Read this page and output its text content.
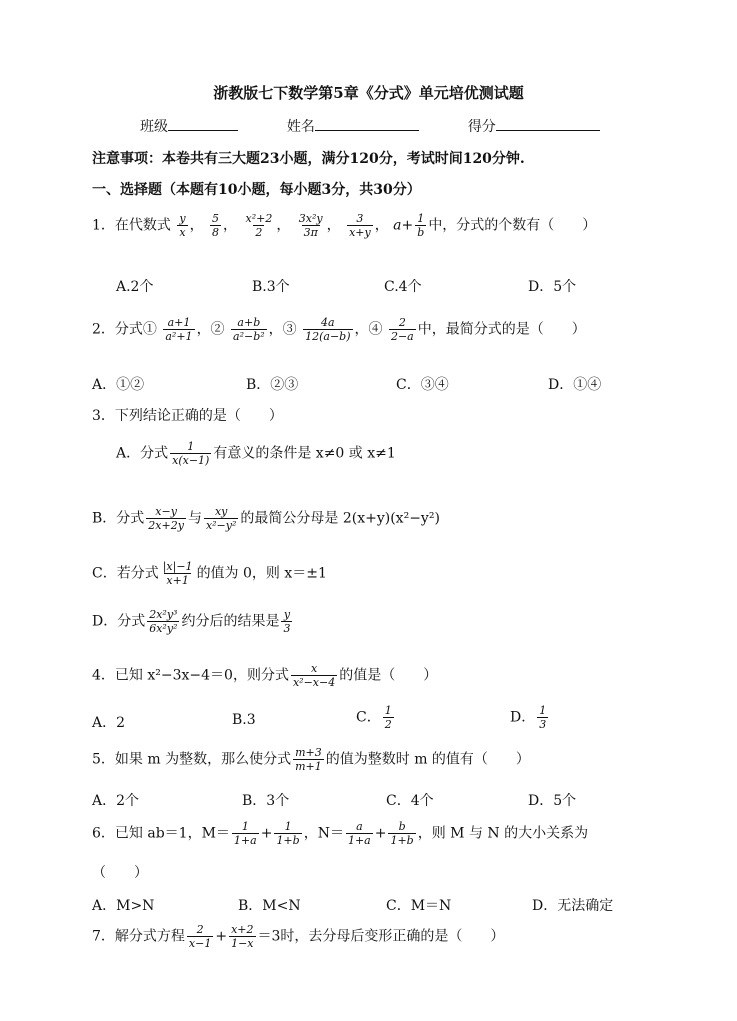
浙教版七下数学第5章《分式》单元培优测试题
班级	姓名	得分
注意事项：本卷共有三大题23小题，满分120分，考试时间120分钟.
一、选择题（本题有10小题，每小题3分，共30分）
1．在代数式 $\frac{y}{x}$ ， $\frac{5}{8}$ ， $\frac{\text{x²+2}}{2}$ ， $\frac{\text{3x²y}}{3\pi}$ ， $\frac{3}{x+y}$ ， $a+ \frac{1}{b}$ 中，分式的个数有（　　）
A.2个	B.3个	C.4个	D．5个
2．分式① $\frac{a+1}{\text{a²+1}}$ ，② $\frac{a+b}{\text{a²−b²}}$ ，③ $\frac{4a}{12(a-b)}$ ，④ $\frac{2}{2-a}$ 中，最简分式的是（　　）
A．①②	B．②③	C．③④	D．①④
3．下列结论正确的是（　　）
A．分式 $\frac{1}{x(x-1)}$ 有意义的条件是 x≠0 或 x≠1
B．分式 $\frac{x-y}{2x+2y}$ 与 $\frac{xy}{\text{x²−y²}}$ 的最简公分母是 2(x+y)(x²−y²)
C．若分式 $\frac{|x|-1}{x+1}$ 的值为 0，则 x＝±1
D．分式 $\frac{\text{2x²y³}}{\text{6x²y²}}$ 约分后的结果是 $\frac{y}{3}$
4．已知 x²−3x−4＝0，则分式 $\frac{x}{\text{x²−x−4}}$ 的值是（　　）
A．2	B.3	C． $\frac{1}{2}$	D． $\frac{1}{3}$
5．如果 m 为整数，那么使分式 $\frac{m+3}{m+1}$ 的值为整数时 m 的值有（　　）
A．2个	B．3个	C．4个	D．5个
6．已知 ab＝1，$M= \frac{1}{1+a} + \frac{1}{1+b}$ ，$N= \frac{a}{1+a} + \frac{b}{1+b}$ ，则 M 与 N 的大小关系为
（　　）
A．M>N	B．M<N	C．M＝N	D．无法确定
7．解分式方程 $\frac{2}{x-1} + \frac{x+2}{1-x} =3$时，去分母后变形正确的是（　　）
